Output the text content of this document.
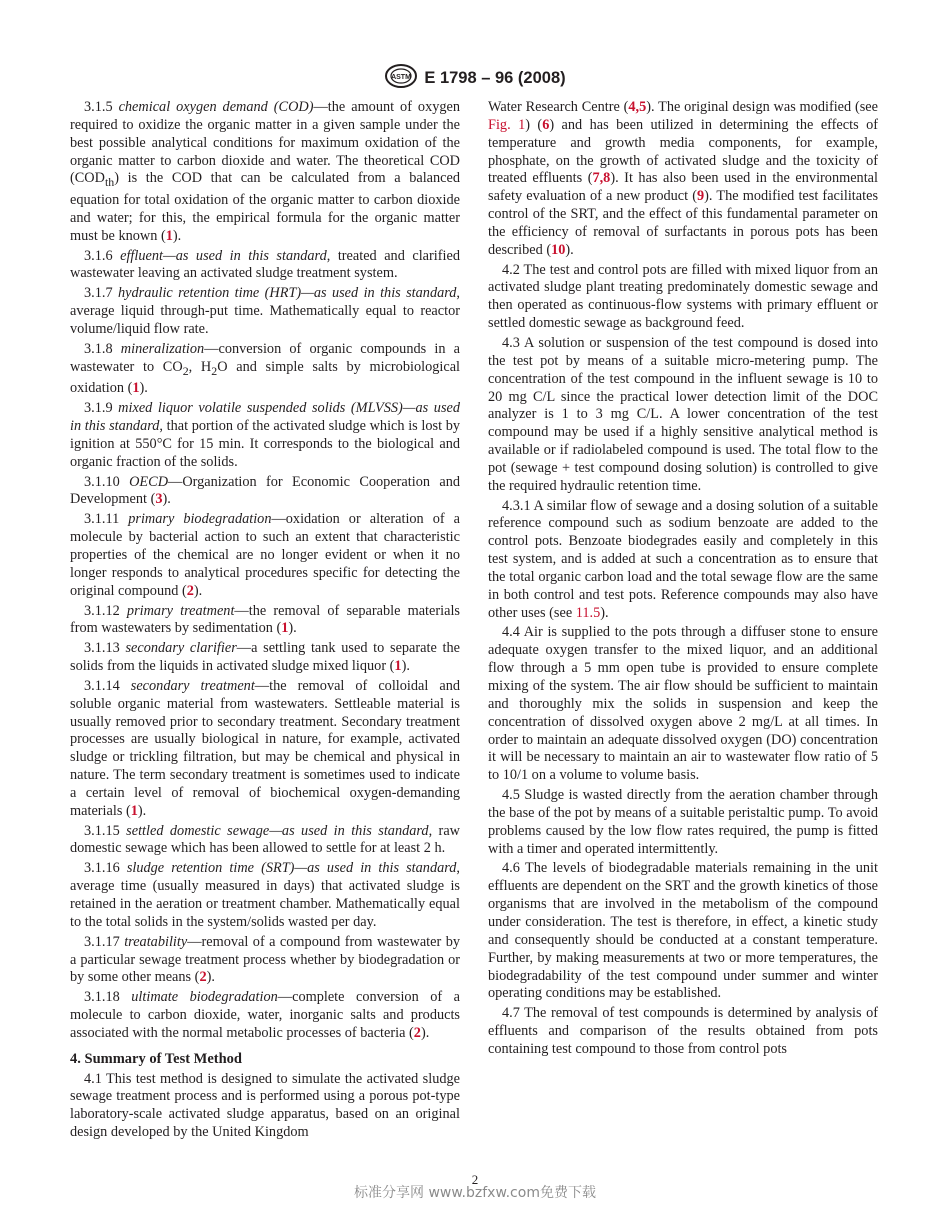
ASTM E 1798 – 96 (2008)

3.1.5 chemical oxygen demand (COD)—the amount of oxygen required to oxidize the organic matter in a given sample under the best possible analytical conditions for maximum oxidation of the organic matter to carbon dioxide and water. The theoretical COD $(COD_{th})$ is the COD that can be calculated from a balanced equation for total oxidation of the organic matter to carbon dioxide and water; for this, the empirical formula for the organic matter must be known (1).

3.1.6 effluent—as used in this standard, treated and clarified wastewater leaving an activated sludge treatment system.

3.1.7 hydraulic retention time (HRT)—as used in this standard, average liquid through-put time. Mathematically equal to reactor volume/liquid flow rate.

3.1.8 mineralization—conversion of organic compounds in a wastewater to $CO_2$, $H_2O$ and simple salts by microbiological oxidation (1).

3.1.9 mixed liquor volatile suspended solids (MLVSS)—as used in this standard, that portion of the activated sludge which is lost by ignition at 550°C for 15 min. It corresponds to the biological and organic fraction of the solids.

3.1.10 OECD—Organization for Economic Cooperation and Development (3).

3.1.11 primary biodegradation—oxidation or alteration of a molecule by bacterial action to such an extent that characteristic properties of the chemical are no longer evident or when it no longer responds to analytical procedures specific for detecting the original compound (2).

3.1.12 primary treatment—the removal of separable materials from wastewaters by sedimentation (1).

3.1.13 secondary clarifier—a settling tank used to separate the solids from the liquids in activated sludge mixed liquor (1).

3.1.14 secondary treatment—the removal of colloidal and soluble organic material from wastewaters. Settleable material is usually removed prior to secondary treatment. Secondary treatment processes are usually biological in nature, for example, activated sludge or trickling filtration, but may be chemical and physical in nature. The term secondary treatment is sometimes used to indicate a certain level of removal of biochemical oxygen-demanding materials (1).

3.1.15 settled domestic sewage—as used in this standard, raw domestic sewage which has been allowed to settle for at least 2 h.

3.1.16 sludge retention time (SRT)—as used in this standard, average time (usually measured in days) that activated sludge is retained in the aeration or treatment chamber. Mathematically equal to the total solids in the system/solids wasted per day.

3.1.17 treatability—removal of a compound from wastewater by a particular sewage treatment process whether by biodegradation or by some other means (2).

3.1.18 ultimate biodegradation—complete conversion of a molecule to carbon dioxide, water, inorganic salts and products associated with the normal metabolic processes of bacteria (2).

4. Summary of Test Method

4.1 This test method is designed to simulate the activated sludge sewage treatment process and is performed using a porous pot-type laboratory-scale activated sludge apparatus, based on an original design developed by the United Kingdom

Water Research Centre (4,5). The original design was modified (see Fig. 1) (6) and has been utilized in determining the effects of temperature and growth media components, for example, phosphate, on the growth of activated sludge and the toxicity of treated effluents (7,8). It has also been used in the environmental safety evaluation of a new product (9). The modified test facilitates control of the SRT, and the effect of this fundamental parameter on the efficiency of removal of surfactants in porous pots has been described (10).

4.2 The test and control pots are filled with mixed liquor from an activated sludge plant treating predominately domestic sewage and then operated as continuous-flow systems with primary effluent or settled domestic sewage as background feed.

4.3 A solution or suspension of the test compound is dosed into the test pot by means of a suitable micro-metering pump. The concentration of the test compound in the influent sewage is 10 to 20 mg C/L since the practical lower detection limit of the DOC analyzer is 1 to 3 mg C/L. A lower concentration of the test compound may be used if a highly sensitive analytical method is available or if radiolabeled compound is used. The total flow to the pot (sewage + test compound dosing solution) is controlled to give the required hydraulic retention time.

4.3.1 A similar flow of sewage and a dosing solution of a suitable reference compound such as sodium benzoate are added to the control pots. Benzoate biodegrades easily and completely in this test system, and is added at such a concentration as to ensure that the total organic carbon load and the total sewage flow are the same in both control and test pots. Reference compounds may also have other uses (see 11.5).

4.4 Air is supplied to the pots through a diffuser stone to ensure adequate oxygen transfer to the mixed liquor, and an additional flow through a 5 mm open tube is provided to ensure complete mixing of the system. The air flow should be sufficient to maintain and thoroughly mix the solids in suspension and keep the concentration of dissolved oxygen above 2 mg/L at all times. In order to maintain an adequate dissolved oxygen (DO) concentration it will be necessary to maintain an air to wastewater flow ratio of 5 to 10/1 on a volume to volume basis.

4.5 Sludge is wasted directly from the aeration chamber through the base of the pot by means of a suitable peristaltic pump. To avoid problems caused by the low flow rates required, the pump is fitted with a timer and operated intermittently.

4.6 The levels of biodegradable materials remaining in the unit effluents are dependent on the SRT and the growth kinetics of those organisms that are involved in the metabolism of the compound under consideration. The test is therefore, in effect, a kinetic study and consequently should be conducted at a constant temperature. Further, by making measurements at two or more temperatures, the biodegradability of the test compound under summer and winter operating conditions may be established.

4.7 The removal of test compounds is determined by analysis of effluents and comparison of the results obtained from pots containing test compound to those from control pots

2
标准分享网 www.bzfxw.com免费下载
